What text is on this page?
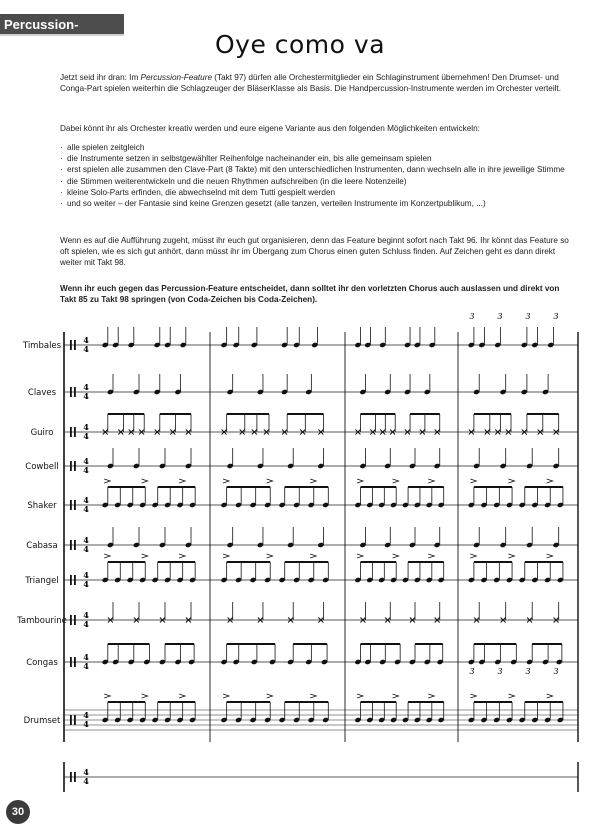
Percussion-Feature	Oye como va
Jetzt seid ihr dran: Im Percussion-Feature (Takt 97) dürfen alle Orchestermitglieder ein Schlaginstrument übernehmen! Den Drumset- und Conga-Part spielen weiterhin die Schlagzeuger der BläserKlasse als Basis. Die Handpercussion-Instrumente werden im Orchester verteilt.
Dabei könnt ihr als Orchester kreativ werden und eure eigene Variante aus den folgenden Möglichkeiten entwickeln:
· alle spielen zeitgleich
· die Instrumente setzen in selbstgewählter Reihenfolge nacheinander ein, bis alle gemeinsam spielen
· erst spielen alle zusammen den Clave-Part (8 Takte) mit den unterschiedlichen Instrumenten, dann wechseln alle in ihre jeweilige Stimme
· die Stimmen weiterentwickeln und die neuen Rhythmen aufschreiben (in die leere Notenzeile)
· kleine Solo-Parts erfinden, die abwechselnd mit dem Tutti gespielt werden
· und so weiter – der Fantasie sind keine Grenzen gesetzt (alle tanzen, verteilen Instrumente im Konzertpublikum, ...)
Wenn es auf die Aufführung zugeht, müsst ihr euch gut organisieren, denn das Feature beginnt sofort nach Takt 96. Ihr könnt das Feature so oft spielen, wie es sich gut anhört, dann müsst ihr im Übergang zum Chorus einen guten Schluss finden. Auf Zeichen geht es dann direkt weiter mit Takt 98.
Wenn ihr euch gegen das Percussion-Feature entscheidet, dann solltet ihr den vorletzten Chorus auch auslassen und direkt von Takt 85 zu Takt 98 springen (von Coda-Zeichen bis Coda-Zeichen).
Timbales
Claves
Guiro
Cowbell
Shaker
Cabasa
Triangel
Tambourine
Congas
Drumset
4
4
4
4
4
4
4
4
4
4
4
4
4
4
4
4
4
4
4
4
4
4
3	3	3	3
3	3	3	3
30
